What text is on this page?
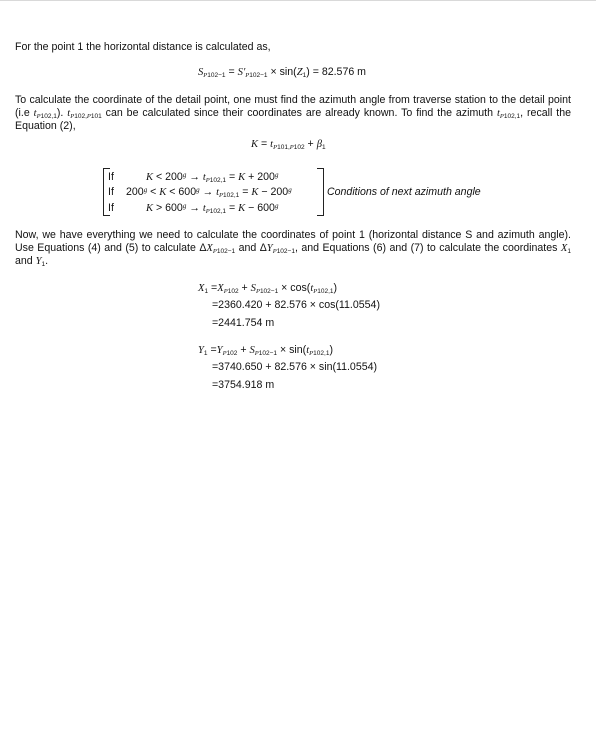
For the point 1 the horizontal distance is calculated as,
$S_{P102-1} = S'_{P102-1} \times \sin(Z_1) = 82.576$ m
To calculate the coordinate of the detail point, one must find the azimuth angle from traverse station to the detail point (i.e $t_{P102,1}$). $t_{P102,P101}$ can be calculated since their coordinates are already known. To find the azimuth $t_{P102,1}$, recall the Equation (2),
$K = t_{P101,P102} + \beta_1$
If	$K < 200^g \to t_{P102,1} = K + 200^g$
If $200^g < K < 600^g \to t_{P102,1} = K - 200^g$
If	$K > 600^g \to t_{P102,1} = K - 600^g$
Conditions of next azimuth angle
Now, we have everything we need to calculate the coordinates of point 1 (horizontal distance S and azimuth angle). Use Equations (4) and (5) to calculate $\Delta X_{P102-1}$ and $\Delta Y_{P102-1}$, and Equations (6) and (7) to calculate the coordinates $X_1$ and $Y_1$.
$X_1 =X_{P102} + S_{P102-1} \times \cos(t_{P102,1})$
=2360.420 + 82.576 × cos(11.0554)
=2441.754 m
$Y_1 =Y_{P102} + S_{P102-1} \times \sin(t_{P102,1})$
=3740.650 + 82.576 × sin(11.0554)
=3754.918 m
